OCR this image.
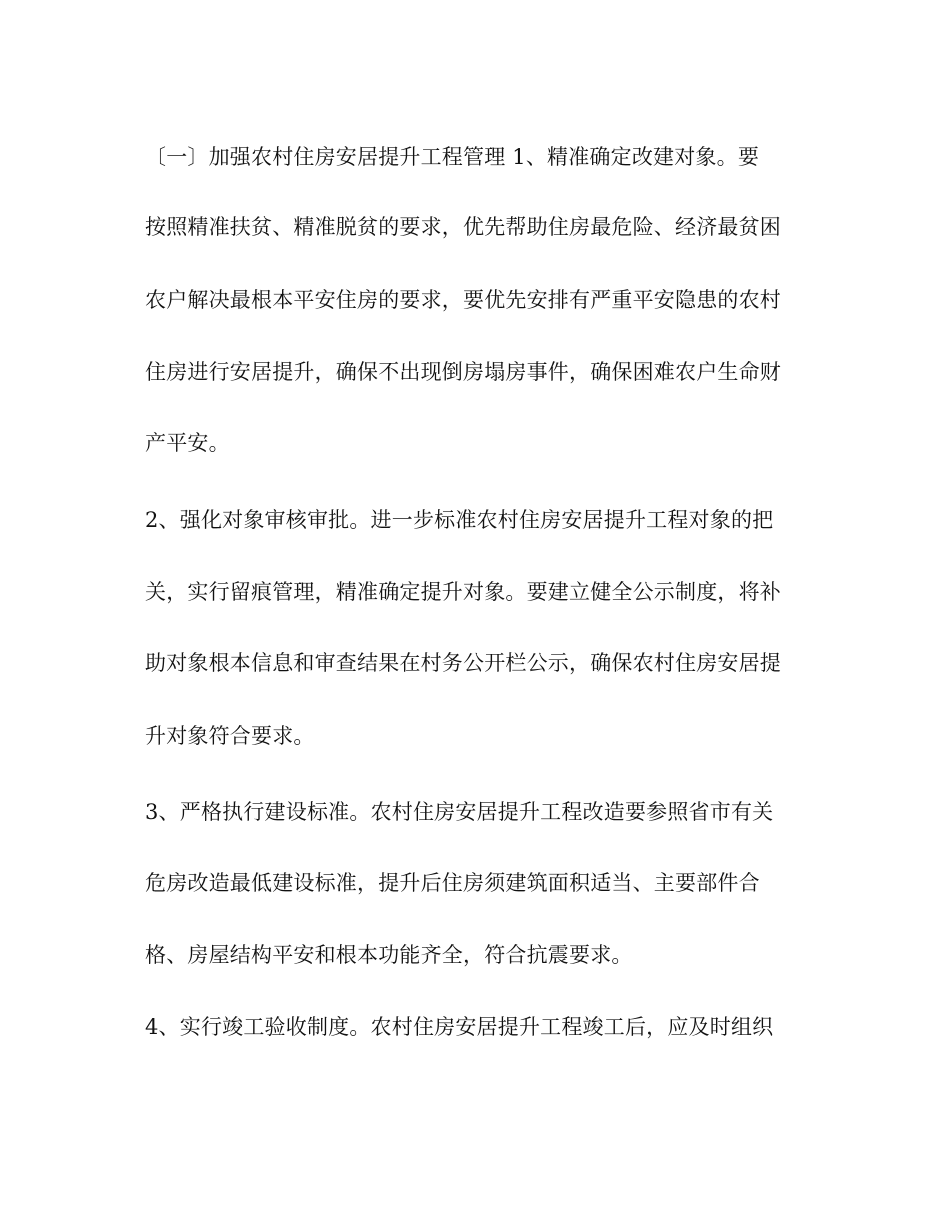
〔一〕加强农村住房安居提升工程管理 1、精准确定改建对象。要
按照精准扶贫、精准脱贫的要求，优先帮助住房最危险、经济最贫困
农户解决最根本平安住房的要求，要优先安排有严重平安隐患的农村
住房进行安居提升，确保不出现倒房塌房事件，确保困难农户生命财
产平安。
2、强化对象审核审批。进一步标准农村住房安居提升工程对象的把
关，实行留痕管理，精准确定提升对象。要建立健全公示制度，将补
助对象根本信息和审查结果在村务公开栏公示，确保农村住房安居提
升对象符合要求。
3、严格执行建设标准。农村住房安居提升工程改造要参照省市有关
危房改造最低建设标准，提升后住房须建筑面积适当、主要部件合
格、房屋结构平安和根本功能齐全，符合抗震要求。
4、实行竣工验收制度。农村住房安居提升工程竣工后，应及时组织
